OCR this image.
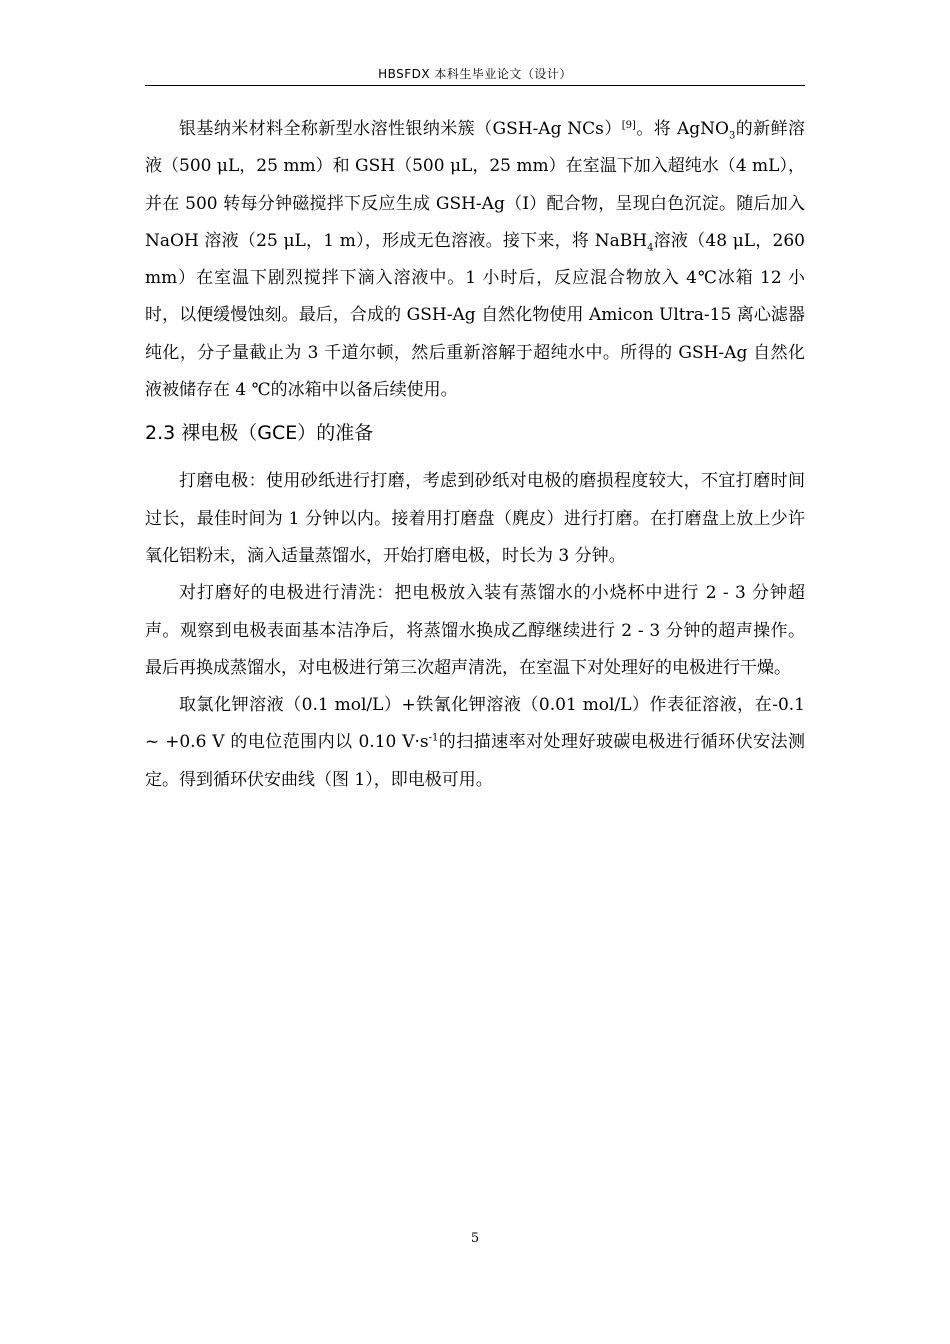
HBSFDX 本科生毕业论文（设计）

银基纳米材料全称新型水溶性银纳米簇（GSH-Ag NCs）[9]。将 AgNO$_3$的新鲜溶液（500 μL，25 mm）和 GSH（500 μL，25 mm）在室温下加入超纯水（4 mL），并在 500 转每分钟磁搅拌下反应生成 GSH-Ag（I）配合物，呈现白色沉淀。随后加入 NaOH 溶液（25 μL，1 m），形成无色溶液。接下来，将 NaBH$_4$溶液（48 μL，260 mm）在室温下剧烈搅拌下滴入溶液中。1 小时后，反应混合物放入 4℃冰箱 12 小时，以便缓慢蚀刻。最后，合成的 GSH-Ag 自然化物使用 Amicon Ultra-15 离心滤器纯化，分子量截止为 3 千道尔顿，然后重新溶解于超纯水中。所得的 GSH-Ag 自然化液被储存在 4 ℃的冰箱中以备后续使用。

2.3 裸电极（GCE）的准备

打磨电极：使用砂纸进行打磨，考虑到砂纸对电极的磨损程度较大，不宜打磨时间过长，最佳时间为 1 分钟以内。接着用打磨盘（麂皮）进行打磨。在打磨盘上放上少许氧化铝粉末，滴入适量蒸馏水，开始打磨电极，时长为 3 分钟。

对打磨好的电极进行清洗：把电极放入装有蒸馏水的小烧杯中进行 2 - 3 分钟超声。观察到电极表面基本洁净后，将蒸馏水换成乙醇继续进行 2 - 3 分钟的超声操作。最后再换成蒸馏水，对电极进行第三次超声清洗，在室温下对处理好的电极进行干燥。

取氯化钾溶液（0.1 mol/L）+铁氰化钾溶液（0.01 mol/L）作表征溶液，在-0.1 ~ +0.6 V 的电位范围内以 0.10 $V\cdot s^{-1}$的扫描速率对处理好玻碳电极进行循环伏安法测定。得到循环伏安曲线（图 1），即电极可用。

5
